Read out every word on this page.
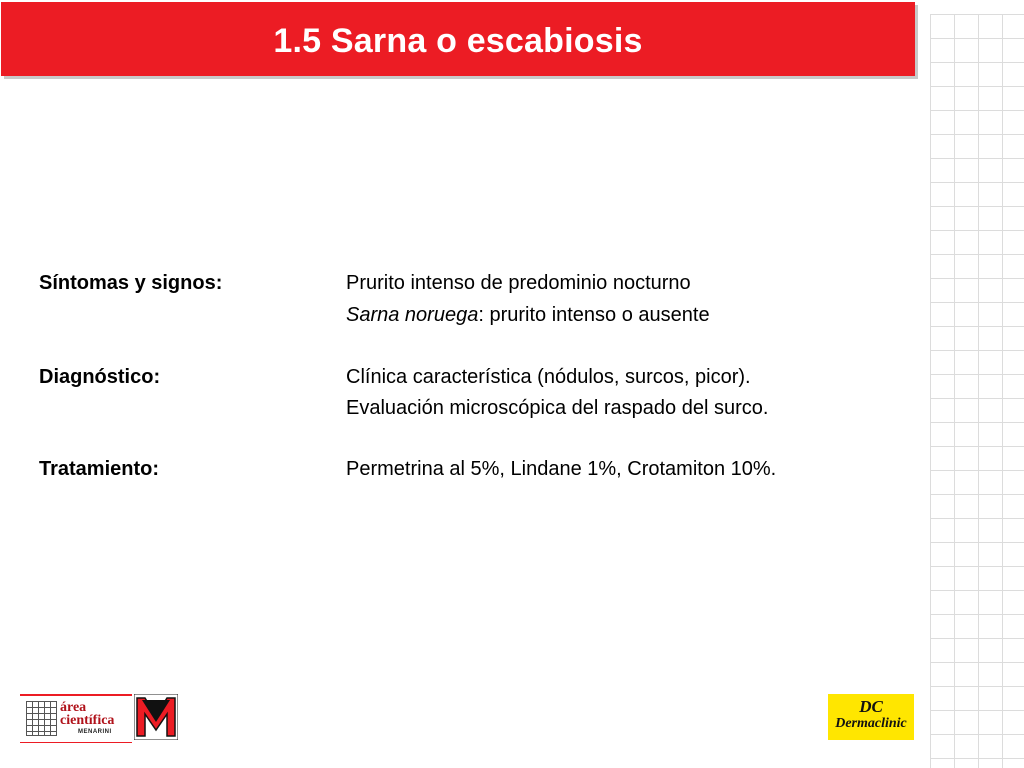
1.5 Sarna o escabiosis
Síntomas y signos:	Prurito intenso de predominio nocturno
Sarna noruega: prurito intenso o ausente
Diagnóstico:	Clínica característica (nódulos, surcos, picor).
Evaluación microscópica del raspado del surco.
Tratamiento:	Permetrina al 5%, Lindane 1%, Crotamiton 10%.
área
científica
MENARINI
DC
Dermaclinic
